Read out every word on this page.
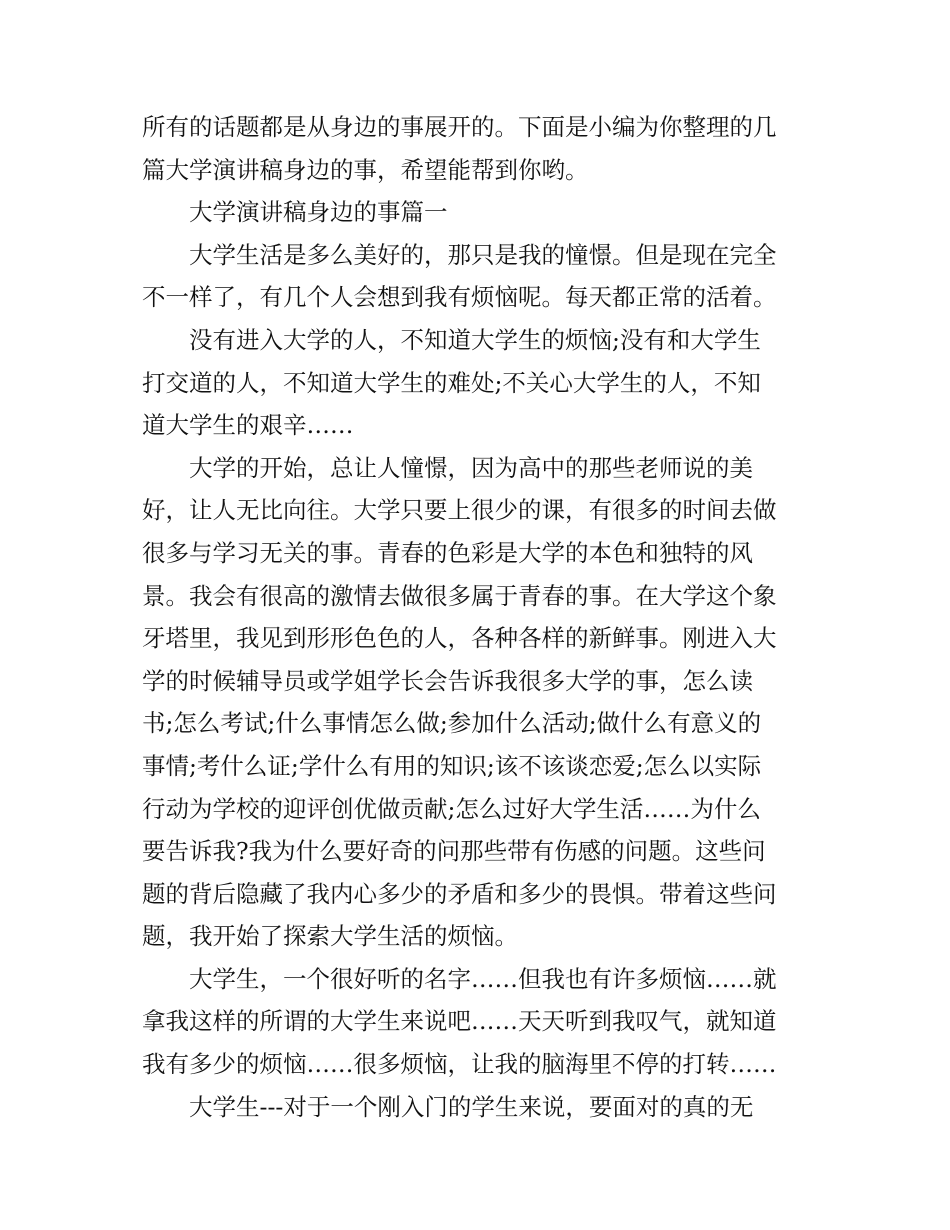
所有的话题都是从身边的事展开的。下面是小编为你整理的几
篇大学演讲稿身边的事，希望能帮到你哟。
大学演讲稿身边的事篇一
大学生活是多么美好的，那只是我的憧憬。但是现在完全
不一样了，有几个人会想到我有烦恼呢。每天都正常的活着。
没有进入大学的人，不知道大学生的烦恼;没有和大学生
打交道的人，不知道大学生的难处;不关心大学生的人，不知
道大学生的艰辛……
大学的开始，总让人憧憬，因为高中的那些老师说的美
好，让人无比向往。大学只要上很少的课，有很多的时间去做
很多与学习无关的事。青春的色彩是大学的本色和独特的风
景。我会有很高的激情去做很多属于青春的事。在大学这个象
牙塔里，我见到形形色色的人，各种各样的新鲜事。刚进入大
学的时候辅导员或学姐学长会告诉我很多大学的事，怎么读
书;怎么考试;什么事情怎么做;参加什么活动;做什么有意义的
事情;考什么证;学什么有用的知识;该不该谈恋爱;怎么以实际
行动为学校的迎评创优做贡献;怎么过好大学生活……为什么
要告诉我?我为什么要好奇的问那些带有伤感的问题。这些问
题的背后隐藏了我内心多少的矛盾和多少的畏惧。带着这些问
题，我开始了探索大学生活的烦恼。
大学生，一个很好听的名字……但我也有许多烦恼……就
拿我这样的所谓的大学生来说吧……天天听到我叹气，就知道
我有多少的烦恼……很多烦恼，让我的脑海里不停的打转……
大学生---对于一个刚入门的学生来说，要面对的真的无
